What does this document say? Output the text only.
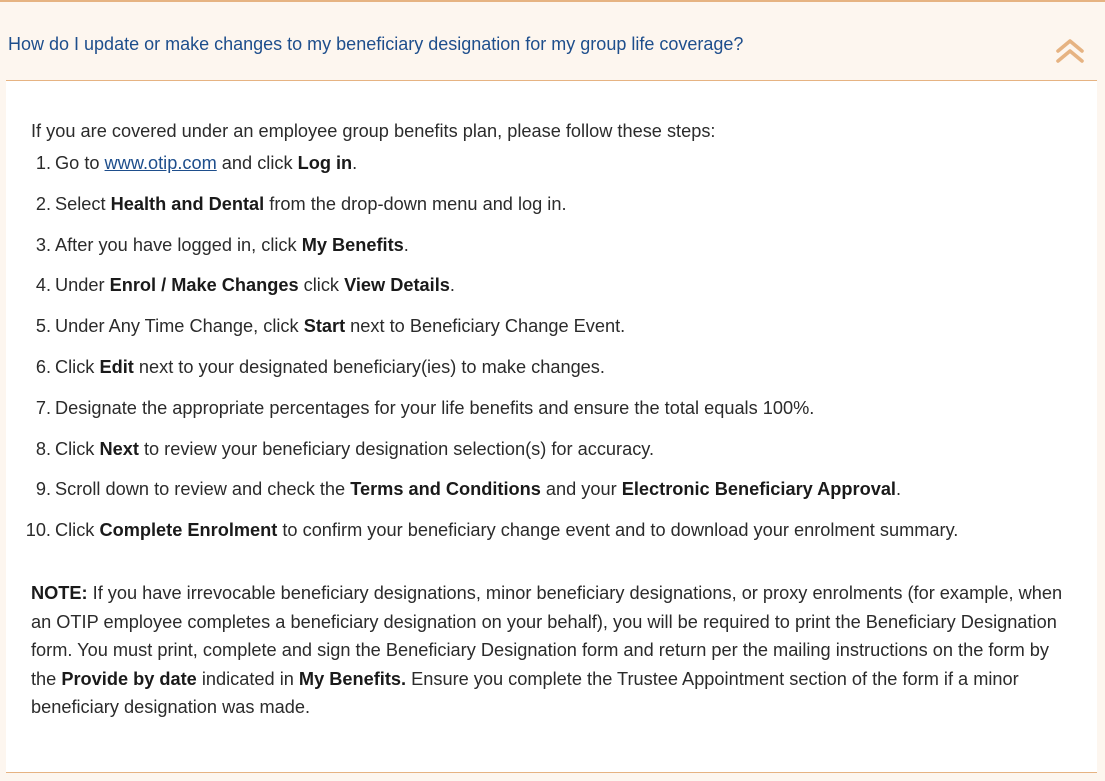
How do I update or make changes to my beneficiary designation for my group life coverage?

If you are covered under an employee group benefits plan, please follow these steps:

1. Go to www.otip.com and click Log in.
2. Select Health and Dental from the drop-down menu and log in.
3. After you have logged in, click My Benefits.
4. Under Enrol / Make Changes click View Details.
5. Under Any Time Change, click Start next to Beneficiary Change Event.
6. Click Edit next to your designated beneficiary(ies) to make changes.
7. Designate the appropriate percentages for your life benefits and ensure the total equals 100%.
8. Click Next to review your beneficiary designation selection(s) for accuracy.
9. Scroll down to review and check the Terms and Conditions and your Electronic Beneficiary Approval.
10. Click Complete Enrolment to confirm your beneficiary change event and to download your enrolment summary.

NOTE: If you have irrevocable beneficiary designations, minor beneficiary designations, or proxy enrolments (for example, when an OTIP employee completes a beneficiary designation on your behalf), you will be required to print the Beneficiary Designation form. You must print, complete and sign the Beneficiary Designation form and return per the mailing instructions on the form by the Provide by date indicated in My Benefits. Ensure you complete the Trustee Appointment section of the form if a minor beneficiary designation was made.
